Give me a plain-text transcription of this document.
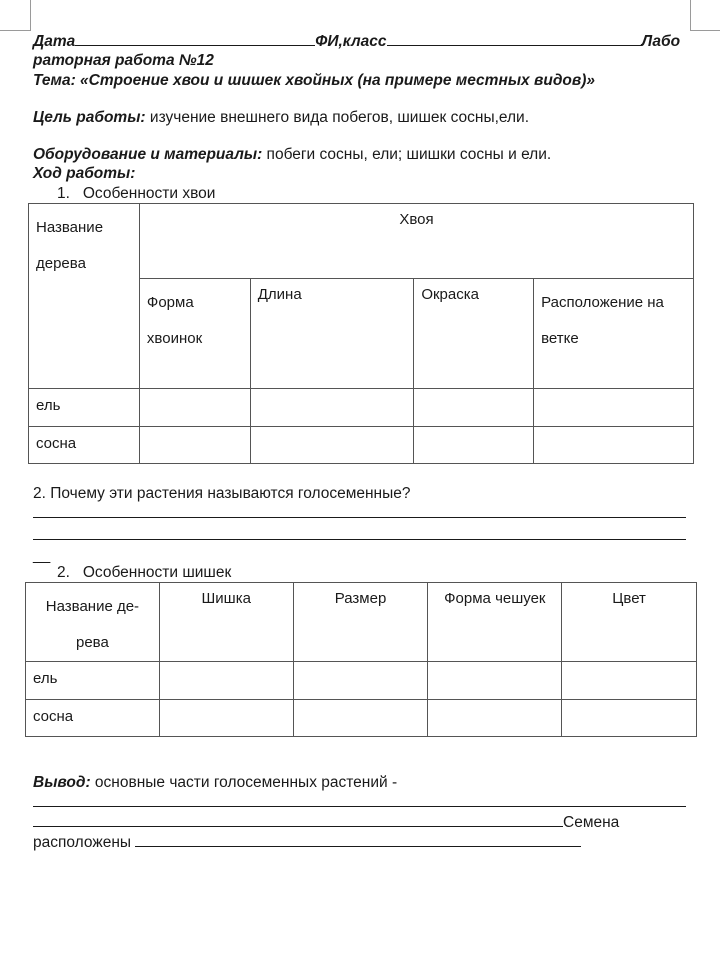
Дата	ФИ,класс	Лабо
раторная работа №12
Тема: «Строение хвои и шишек хвойных (на примере местных видов)»
Цель работы: изучение внешнего вида побегов, шишек сосны,ели.
Оборудование и материалы: побеги сосны, ели; шишки сосны и ели.
Ход работы:
1.   Особенности хвои
Название дерева	Хвоя			
	Форма хвоинок	Длина	Окраска	Расположение на ветке
ель				
сосна				
2. Почему эти растения называются голосеменные?
__
2.   Особенности шишек
Название де-
рева	Шишка	Размер	Форма чешуек	Цвет
ель				
сосна				
Вывод: основные части голосеменных растений -
Семена
расположены
